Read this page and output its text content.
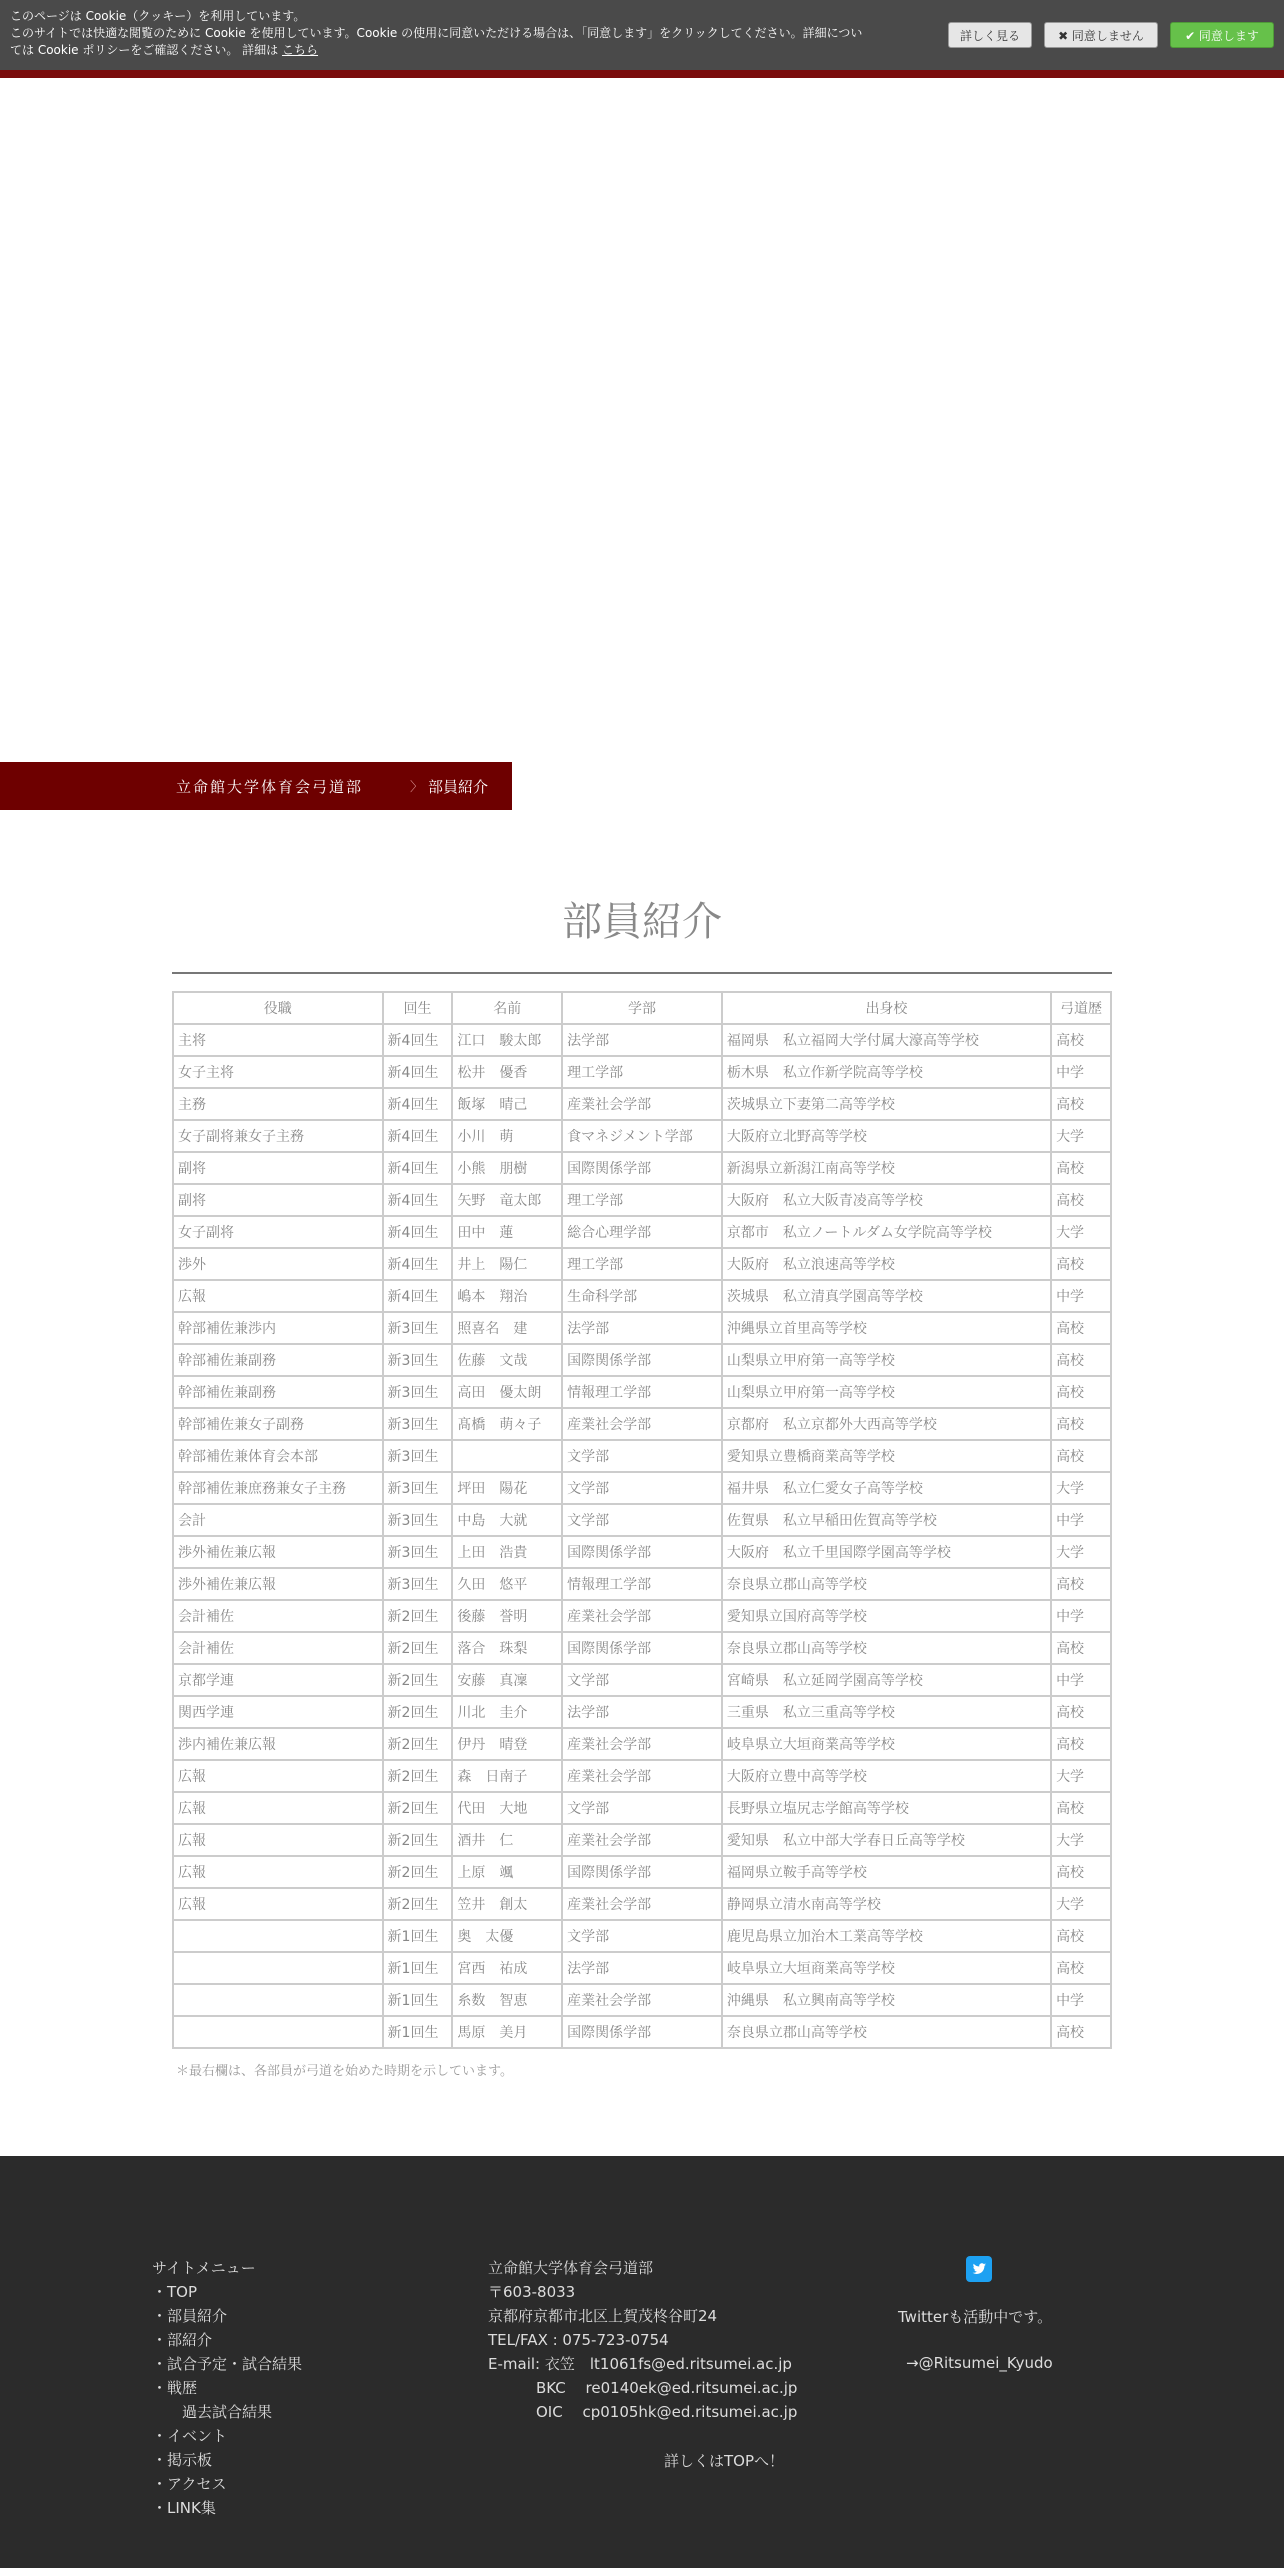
このページは Cookie（クッキー）を利用しています。
このサイトでは快適な閲覧のために Cookie を使用しています。Cookie の使用に同意いただける場合は、「同意します」をクリックしてください。詳細につい
ては Cookie ポリシーをご確認ください。 詳細は こちら
詳しく見る	✖ 同意しません	✔ 同意します
立命館大学体育会弓道部	〉 部員紹介
部員紹介
役職	回生	名前	学部	出身校	弓道歴
主将	新4回生	江口　駿太郎	法学部	福岡県　私立福岡大学付属大濠高等学校	高校
女子主将	新4回生	松井　優香	理工学部	栃木県　私立作新学院高等学校	中学
主務	新4回生	飯塚　晴己	産業社会学部	茨城県立下妻第二高等学校	高校
女子副将兼女子主務	新4回生	小川　萌	食マネジメント学部	大阪府立北野高等学校	大学
副将	新4回生	小熊　朋樹	国際関係学部	新潟県立新潟江南高等学校	高校
副将	新4回生	矢野　竜太郎	理工学部	大阪府　私立大阪青凌高等学校	高校
女子副将	新4回生	田中　蓮	総合心理学部	京都市　私立ノートルダム女学院高等学校	大学
渉外	新4回生	井上　陽仁	理工学部	大阪府　私立浪速高等学校	高校
広報	新4回生	嶋本　翔治	生命科学部	茨城県　私立清真学園高等学校	中学
幹部補佐兼渉内	新3回生	照喜名　建	法学部	沖縄県立首里高等学校	高校
幹部補佐兼副務	新3回生	佐藤　文哉	国際関係学部	山梨県立甲府第一高等学校	高校
幹部補佐兼副務	新3回生	高田　優太朗	情報理工学部	山梨県立甲府第一高等学校	高校
幹部補佐兼女子副務	新3回生	髙橋　萌々子	産業社会学部	京都府　私立京都外大西高等学校	高校
幹部補佐兼体育会本部	新3回生	　　	文学部	愛知県立豊橋商業高等学校	高校
幹部補佐兼庶務兼女子主務	新3回生	坪田　陽花	文学部	福井県　私立仁愛女子高等学校	大学
会計	新3回生	中島　大就	文学部	佐賀県　私立早稲田佐賀高等学校	中学
渉外補佐兼広報	新3回生	上田　浩貴	国際関係学部	大阪府　私立千里国際学園高等学校	大学
渉外補佐兼広報	新3回生	久田　悠平	情報理工学部	奈良県立郡山高等学校	高校
会計補佐	新2回生	後藤　誉明	産業社会学部	愛知県立国府高等学校	中学
会計補佐	新2回生	落合　珠梨	国際関係学部	奈良県立郡山高等学校	高校
京都学連	新2回生	安藤　真凜	文学部	宮崎県　私立延岡学園高等学校	中学
関西学連	新2回生	川北　圭介	法学部	三重県　私立三重高等学校	高校
渉内補佐兼広報	新2回生	伊丹　晴登	産業社会学部	岐阜県立大垣商業高等学校	高校
広報	新2回生	森　日南子	産業社会学部	大阪府立豊中高等学校	大学
広報	新2回生	代田　大地	文学部	長野県立塩尻志学館高等学校	高校
広報	新2回生	酒井　仁	産業社会学部	愛知県　私立中部大学春日丘高等学校	大学
広報	新2回生	上原　颯	国際関係学部	福岡県立鞍手高等学校	高校
広報	新2回生	笠井　創太	産業社会学部	静岡県立清水南高等学校	大学
	新1回生	奥　太優	文学部	鹿児島県立加治木工業高等学校	高校
	新1回生	宮西　祐成	法学部	岐阜県立大垣商業高等学校	高校
	新1回生	糸数　智恵	産業社会学部	沖縄県　私立興南高等学校	中学
	新1回生	馬原　美月	国際関係学部	奈良県立郡山高等学校	高校
＊最右欄は、各部員が弓道を始めた時期を示しています。
サイトメニュー
・TOP
・部員紹介
・部紹介
・試合予定・試合結果
・戦歴
過去試合結果
・イベント
・掲示板
・アクセス
・LINK集
立命館大学体育会弓道部
〒603-8033
京都府京都市北区上賀茂柊谷町24
TEL/FAX : 075-723-0754
E-mail: 衣笠　lt1061fs@ed.ritsumei.ac.jp
BKC　 re0140ek@ed.ritsumei.ac.jp
OIC　 cp0105hk@ed.ritsumei.ac.jp
詳しくはTOPへ！
Twitterも活動中です。
→@Ritsumei_Kyudo
